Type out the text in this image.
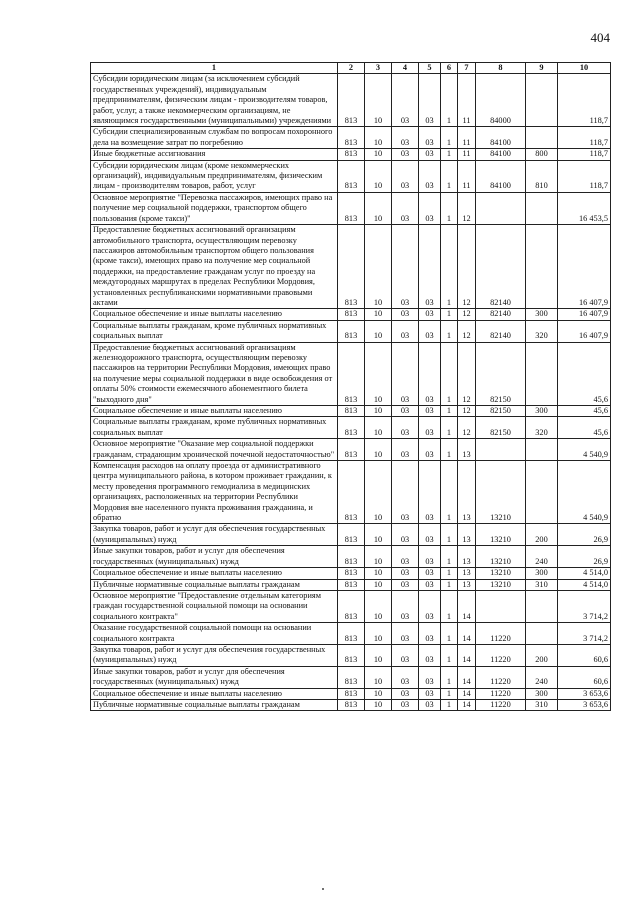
404
1	2	3	4	5	6	7	8	9	10
Субсидии юридическим лицам (за исключением субсидий государственных учреждений), индивидуальным предпринимателям, физическим лицам - производителям товаров, работ, услуг, а также некоммерческим организациям, не являющимся государственными (муниципальными) учреждениями	813	10	03	03	1	11	84000		118,7
Субсидии специализированным службам по вопросам похоронного дела на возмещение затрат по погребению	813	10	03	03	1	11	84100		118,7
Иные бюджетные ассигнования	813	10	03	03	1	11	84100	800	118,7
Субсидии юридическим лицам (кроме некоммерческих организаций), индивидуальным предпринимателям, физическим лицам - производителям товаров, работ, услуг	813	10	03	03	1	11	84100	810	118,7
Основное мероприятие "Перевозка пассажиров, имеющих право на получение мер социальной поддержки, транспортом общего пользования (кроме такси)"	813	10	03	03	1	12			16 453,5
Предоставление бюджетных ассигнований организациям автомобильного транспорта, осуществляющим перевозку пассажиров автомобильным транспортом общего пользования (кроме такси), имеющих право на получение мер социальной поддержки, на предоставление гражданам услуг по проезду на междугородных маршрутах в пределах Республики Мордовия, установленных республиканскими нормативными правовыми актами	813	10	03	03	1	12	82140		16 407,9
Социальное обеспечение и иные выплаты населению	813	10	03	03	1	12	82140	300	16 407,9
Социальные выплаты гражданам, кроме публичных нормативных социальных выплат	813	10	03	03	1	12	82140	320	16 407,9
Предоставление бюджетных ассигнований организациям железнодорожного транспорта, осуществляющим перевозку пассажиров на территории Республики Мордовия, имеющих право на получение меры социальной поддержки в виде освобождения от оплаты 50% стоимости ежемесячного абонементного билета "выходного дня"	813	10	03	03	1	12	82150		45,6
Социальное обеспечение и иные выплаты населению	813	10	03	03	1	12	82150	300	45,6
Социальные выплаты гражданам, кроме публичных нормативных социальных выплат	813	10	03	03	1	12	82150	320	45,6
Основное мероприятие "Оказание мер социальной поддержки гражданам, страдающим хронической почечной недостаточностью"	813	10	03	03	1	13			4 540,9
Компенсация расходов на оплату проезда от административного центра муниципального района, в котором проживает гражданин, к месту проведения программного гемодиализа в медицинских организациях, расположенных на территории Республики Мордовия вне населенного пункта проживания гражданина, и обратно	813	10	03	03	1	13	13210		4 540,9
Закупка товаров, работ и услуг для обеспечения государственных (муниципальных) нужд	813	10	03	03	1	13	13210	200	26,9
Иные закупки товаров, работ и услуг для обеспечения государственных (муниципальных) нужд	813	10	03	03	1	13	13210	240	26,9
Социальное обеспечение и иные выплаты населению	813	10	03	03	1	13	13210	300	4 514,0
Публичные нормативные социальные выплаты гражданам	813	10	03	03	1	13	13210	310	4 514,0
Основное мероприятие "Предоставление отдельным категориям граждан государственной социальной помощи на основании социального контракта"	813	10	03	03	1	14			3 714,2
Оказание государственной социальной помощи на основании социального контракта	813	10	03	03	1	14	11220		3 714,2
Закупка товаров, работ и услуг для обеспечения государственных (муниципальных) нужд	813	10	03	03	1	14	11220	200	60,6
Иные закупки товаров, работ и услуг для обеспечения государственных (муниципальных) нужд	813	10	03	03	1	14	11220	240	60,6
Социальное обеспечение и иные выплаты населению	813	10	03	03	1	14	11220	300	3 653,6
Публичные нормативные социальные выплаты гражданам	813	10	03	03	1	14	11220	310	3 653,6
